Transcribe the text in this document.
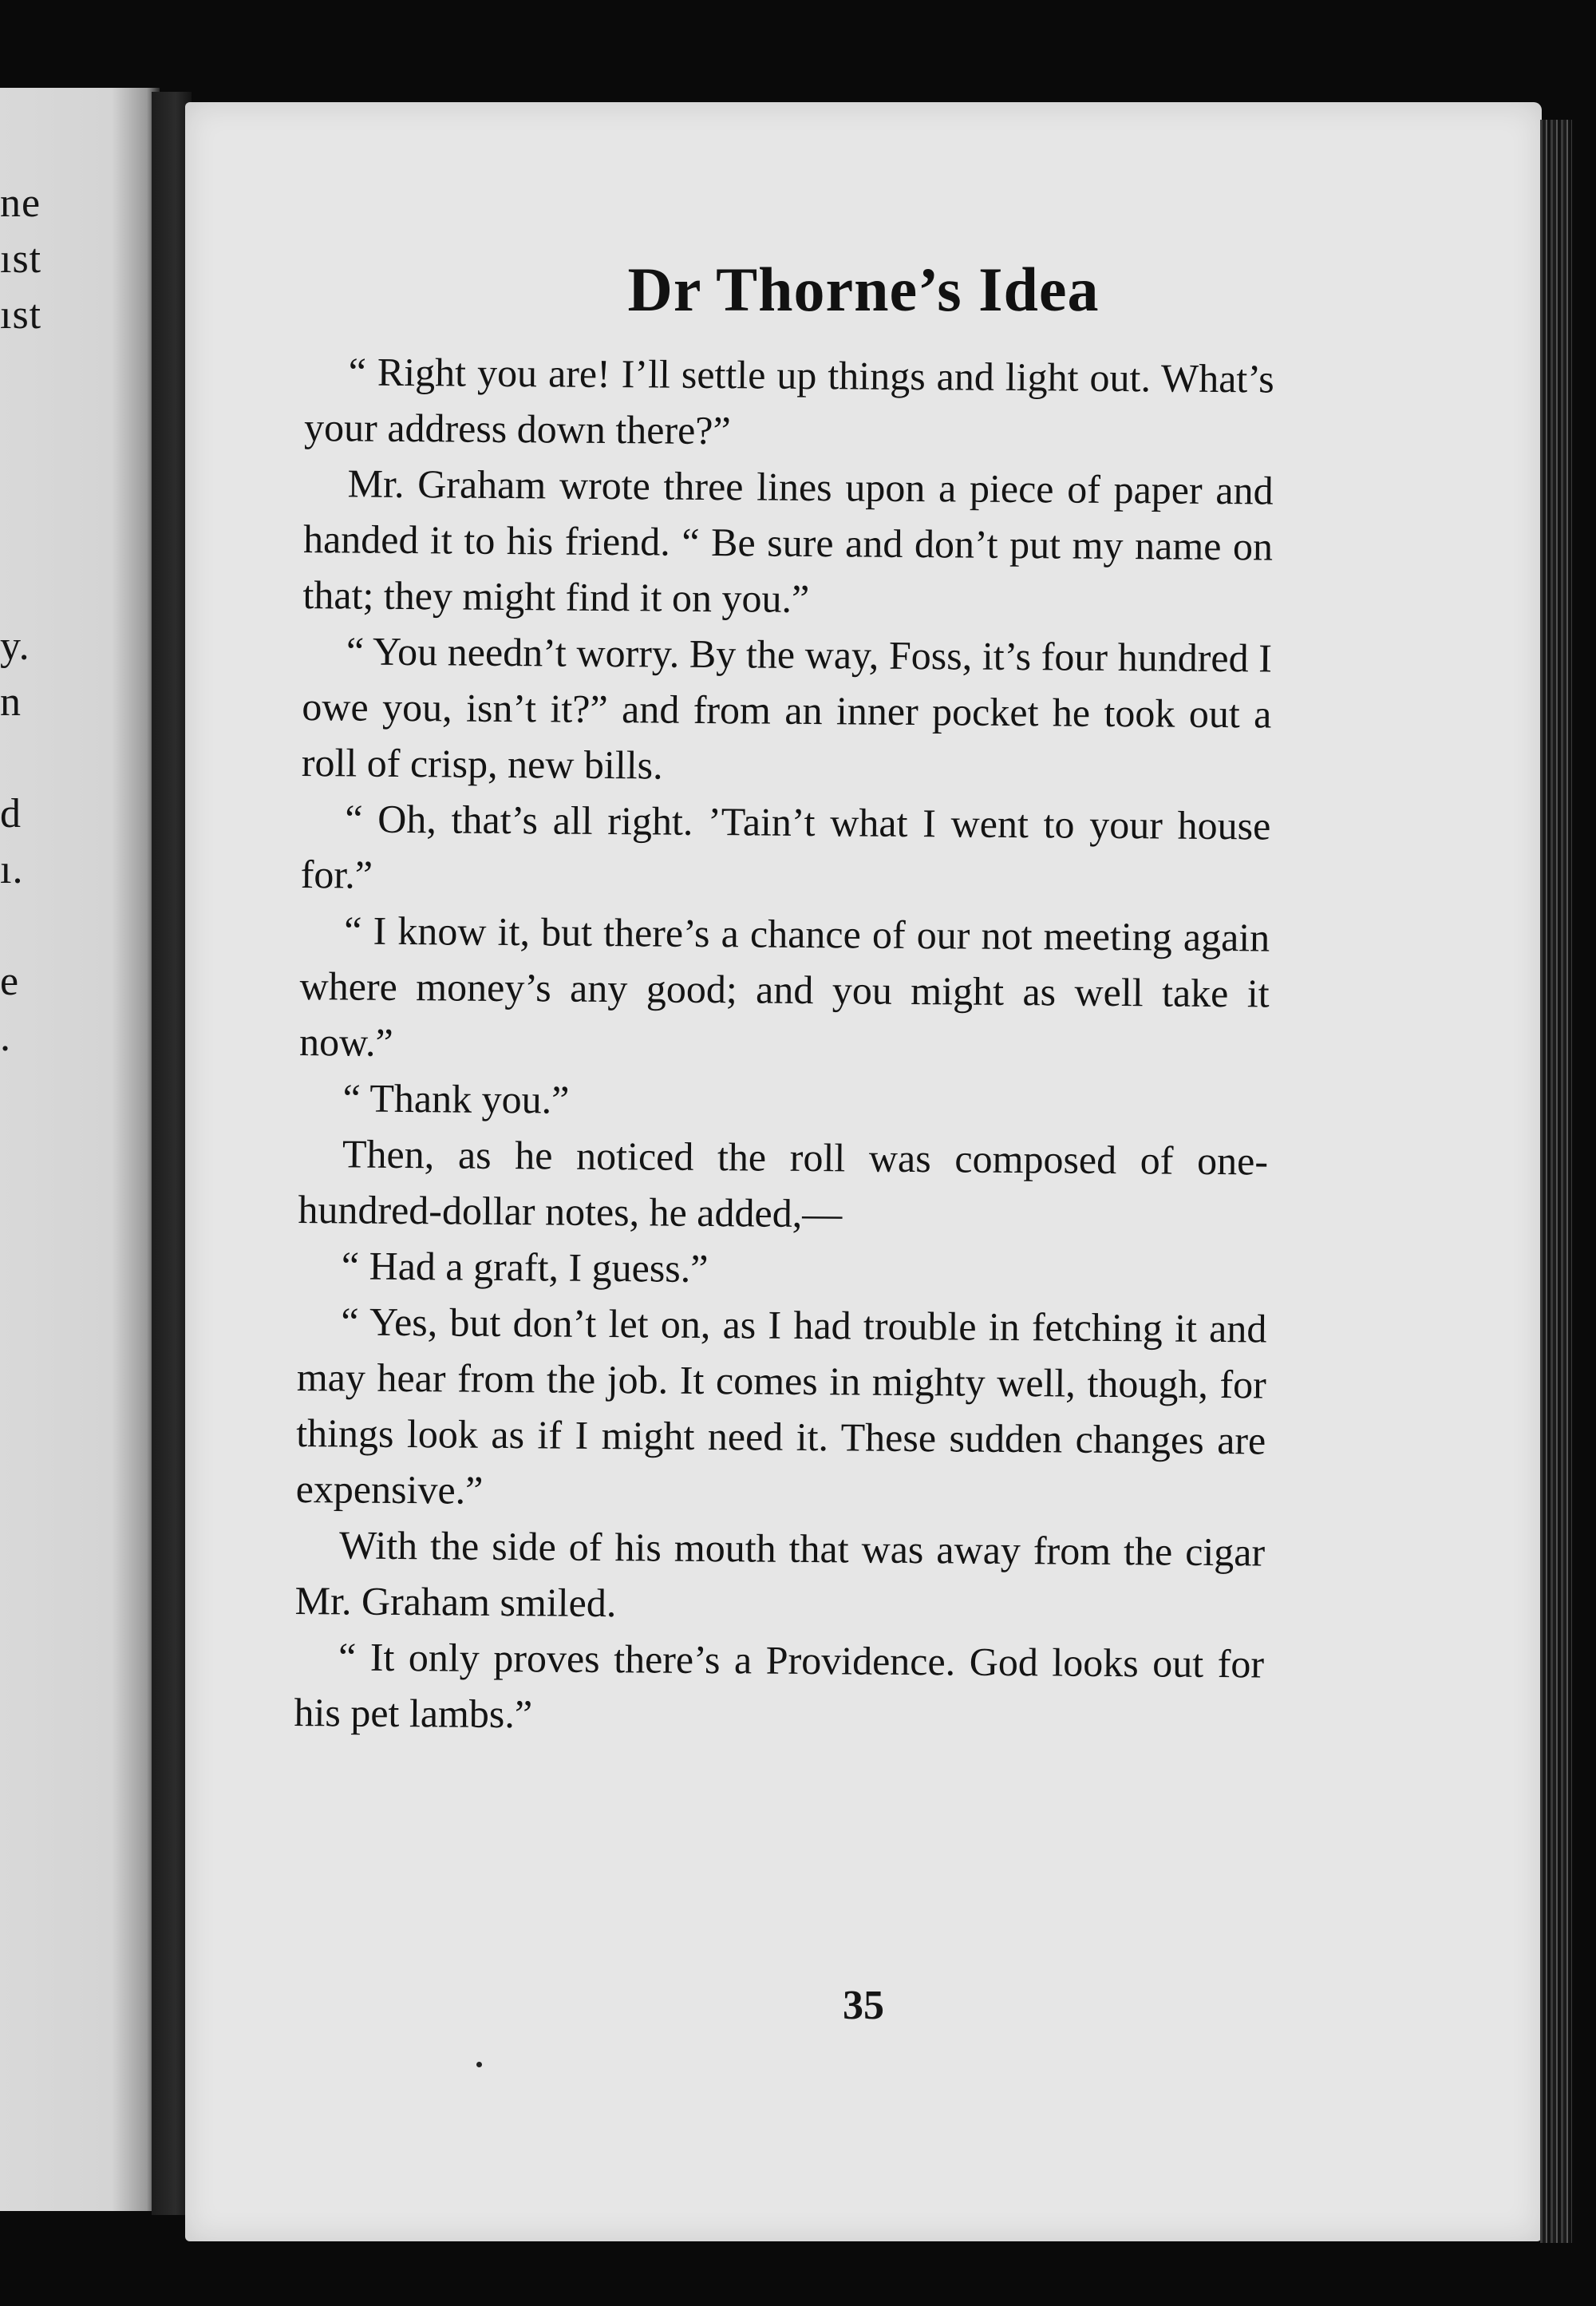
ne
ıst
ıst
y.
n
d
ı.
e
.
Dr Thorne’s Idea

“ Right you are! I’ll settle up things and light out. What’s your address down there?”

Mr. Graham wrote three lines upon a piece of paper and handed it to his friend. “ Be sure and don’t put my name on that; they might find it on you.”

“ You needn’t worry. By the way, Foss, it’s four hundred I owe you, isn’t it?” and from an inner pocket he took out a roll of crisp, new bills.

“ Oh, that’s all right. ’Tain’t what I went to your house for.”

“ I know it, but there’s a chance of our not meeting again where money’s any good; and you might as well take it now.”

“ Thank you.”

Then, as he noticed the roll was composed of one-hundred-dollar notes, he added,—

“ Had a graft, I guess.”

“ Yes, but don’t let on, as I had trouble in fetching it and may hear from the job. It comes in mighty well, though, for things look as if I might need it. These sudden changes are expensive.”

With the side of his mouth that was away from the cigar Mr. Graham smiled.

“ It only proves there’s a Providence. God looks out for his pet lambs.”

35
